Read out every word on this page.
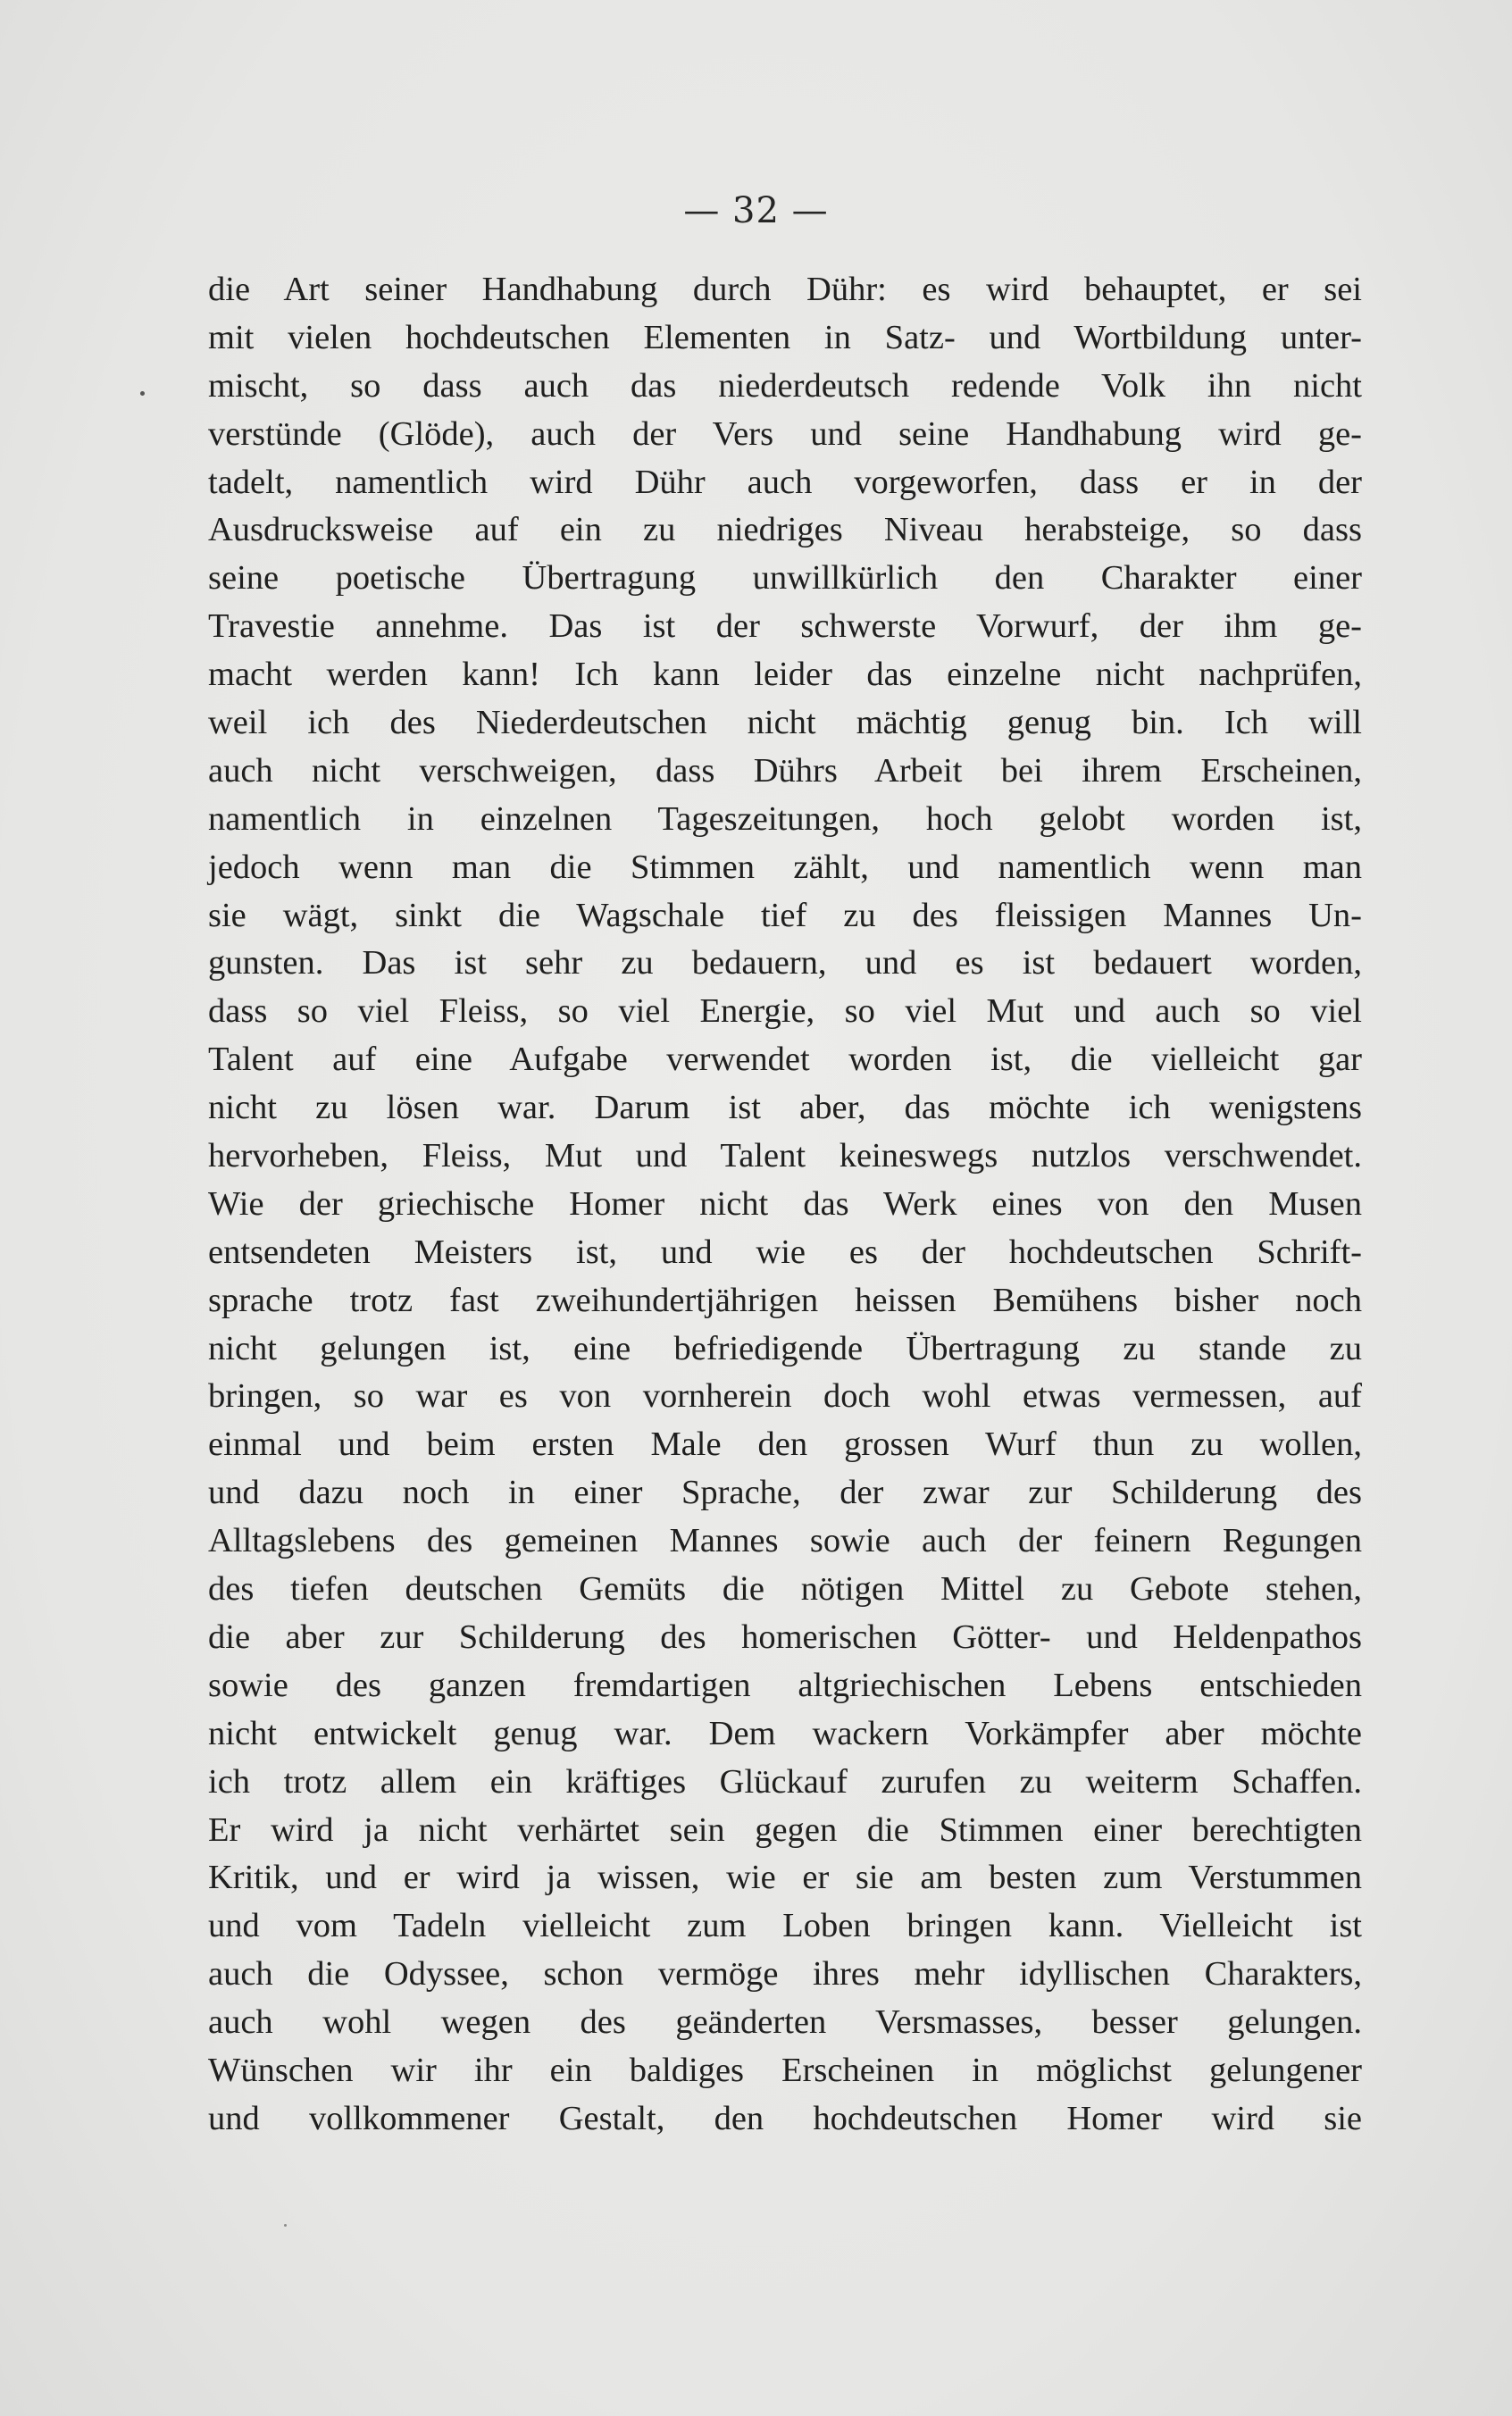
— 32 —
die Art seiner Handhabung durch Dühr: es wird behauptet, er sei
mit vielen hochdeutschen Elementen in Satz- und Wortbildung unter-
mischt, so dass auch das niederdeutsch redende Volk ihn nicht
verstünde (Glöde), auch der Vers und seine Handhabung wird ge-
tadelt, namentlich wird Dühr auch vorgeworfen, dass er in der
Ausdrucksweise auf ein zu niedriges Niveau herabsteige, so dass
seine poetische Übertragung unwillkürlich den Charakter einer
Travestie annehme. Das ist der schwerste Vorwurf, der ihm ge-
macht werden kann! Ich kann leider das einzelne nicht nachprüfen,
weil ich des Niederdeutschen nicht mächtig genug bin. Ich will
auch nicht verschweigen, dass Dührs Arbeit bei ihrem Erscheinen,
namentlich in einzelnen Tageszeitungen, hoch gelobt worden ist,
jedoch wenn man die Stimmen zählt, und namentlich wenn man
sie wägt, sinkt die Wagschale tief zu des fleissigen Mannes Un-
gunsten. Das ist sehr zu bedauern, und es ist bedauert worden,
dass so viel Fleiss, so viel Energie, so viel Mut und auch so viel
Talent auf eine Aufgabe verwendet worden ist, die vielleicht gar
nicht zu lösen war. Darum ist aber, das möchte ich wenigstens
hervorheben, Fleiss, Mut und Talent keineswegs nutzlos verschwendet.
Wie der griechische Homer nicht das Werk eines von den Musen
entsendeten Meisters ist, und wie es der hochdeutschen Schrift-
sprache trotz fast zweihundertjährigen heissen Bemühens bisher noch
nicht gelungen ist, eine befriedigende Übertragung zu stande zu
bringen, so war es von vornherein doch wohl etwas vermessen, auf
einmal und beim ersten Male den grossen Wurf thun zu wollen,
und dazu noch in einer Sprache, der zwar zur Schilderung des
Alltagslebens des gemeinen Mannes sowie auch der feinern Regungen
des tiefen deutschen Gemüts die nötigen Mittel zu Gebote stehen,
die aber zur Schilderung des homerischen Götter- und Heldenpathos
sowie des ganzen fremdartigen altgriechischen Lebens entschieden
nicht entwickelt genug war. Dem wackern Vorkämpfer aber möchte
ich trotz allem ein kräftiges Glückauf zurufen zu weiterm Schaffen.
Er wird ja nicht verhärtet sein gegen die Stimmen einer berechtigten
Kritik, und er wird ja wissen, wie er sie am besten zum Verstummen
und vom Tadeln vielleicht zum Loben bringen kann. Vielleicht ist
auch die Odyssee, schon vermöge ihres mehr idyllischen Charakters,
auch wohl wegen des geänderten Versmasses, besser gelungen.
Wünschen wir ihr ein baldiges Erscheinen in möglichst gelungener
und vollkommener Gestalt, den hochdeutschen Homer wird sie
